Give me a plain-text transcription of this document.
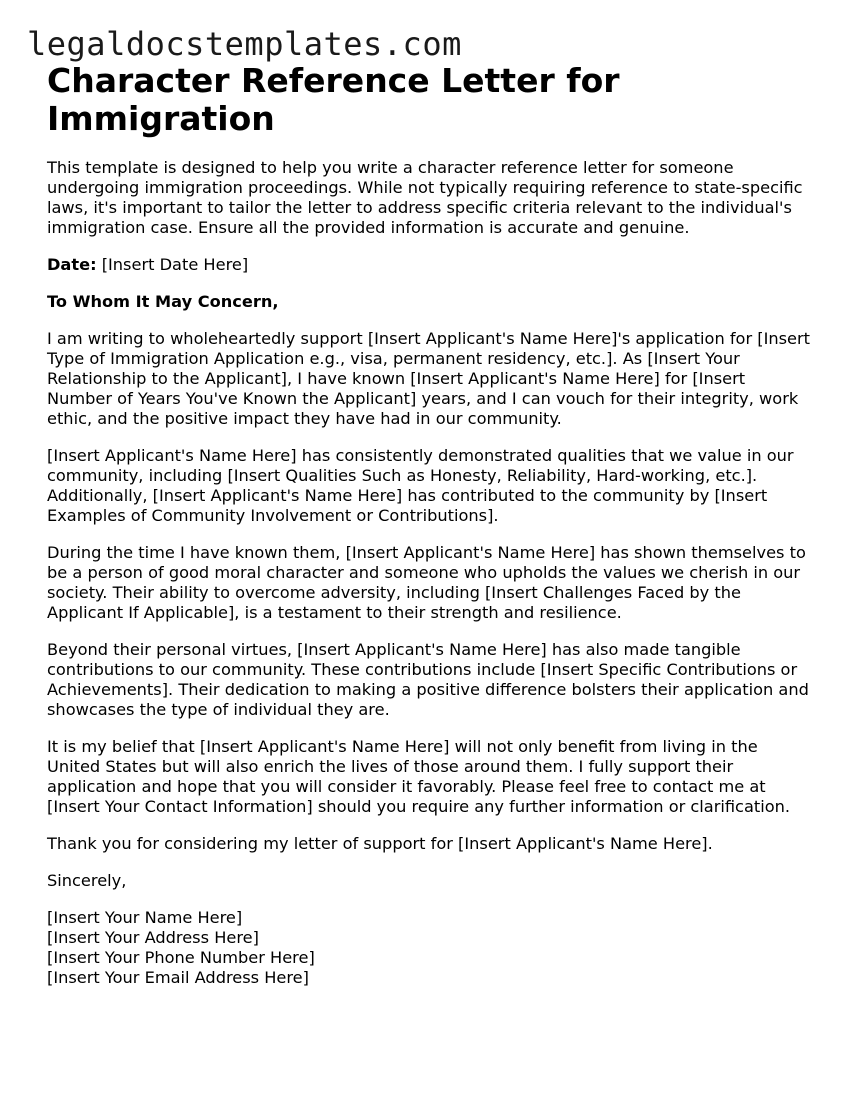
legaldocstemplates.com
Character Reference Letter for Immigration

This template is designed to help you write a character reference letter for someone undergoing immigration proceedings. While not typically requiring reference to state-specific laws, it's important to tailor the letter to address specific criteria relevant to the individual's immigration case. Ensure all the provided information is accurate and genuine.

Date: [Insert Date Here]

To Whom It May Concern,

I am writing to wholeheartedly support [Insert Applicant's Name Here]'s application for [Insert Type of Immigration Application e.g., visa, permanent residency, etc.]. As [Insert Your Relationship to the Applicant], I have known [Insert Applicant's Name Here] for [Insert Number of Years You've Known the Applicant] years, and I can vouch for their integrity, work ethic, and the positive impact they have had in our community.

[Insert Applicant's Name Here] has consistently demonstrated qualities that we value in our community, including [Insert Qualities Such as Honesty, Reliability, Hard-working, etc.]. Additionally, [Insert Applicant's Name Here] has contributed to the community by [Insert Examples of Community Involvement or Contributions].

During the time I have known them, [Insert Applicant's Name Here] has shown themselves to be a person of good moral character and someone who upholds the values we cherish in our society. Their ability to overcome adversity, including [Insert Challenges Faced by the Applicant If Applicable], is a testament to their strength and resilience.

Beyond their personal virtues, [Insert Applicant's Name Here] has also made tangible contributions to our community. These contributions include [Insert Specific Contributions or Achievements]. Their dedication to making a positive difference bolsters their application and showcases the type of individual they are.

It is my belief that [Insert Applicant's Name Here] will not only benefit from living in the United States but will also enrich the lives of those around them. I fully support their application and hope that you will consider it favorably. Please feel free to contact me at [Insert Your Contact Information] should you require any further information or clarification.

Thank you for considering my letter of support for [Insert Applicant's Name Here].

Sincerely,

[Insert Your Name Here]
[Insert Your Address Here]
[Insert Your Phone Number Here]
[Insert Your Email Address Here]
